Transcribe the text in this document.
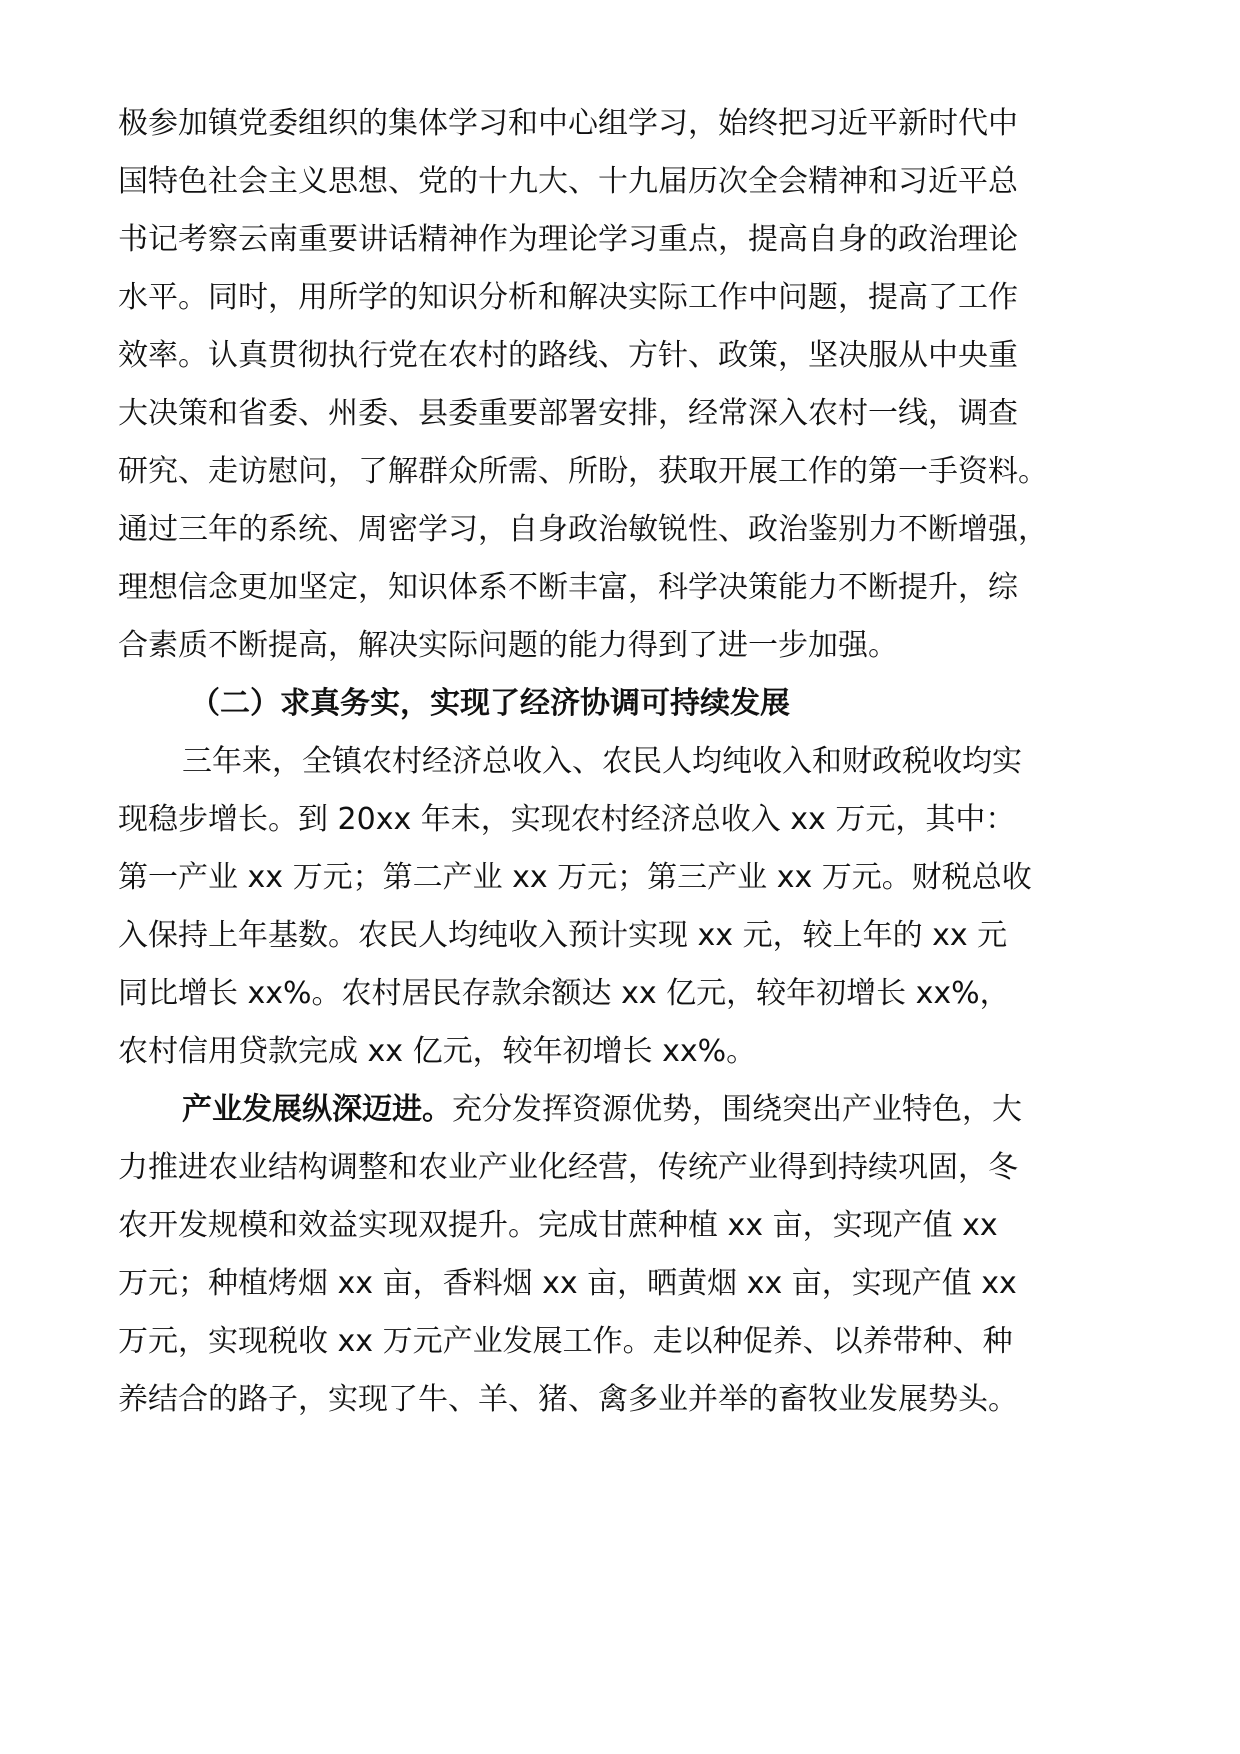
极参加镇党委组织的集体学习和中心组学习，始终把习近平新时代中
国特色社会主义思想、党的十九大、十九届历次全会精神和习近平总
书记考察云南重要讲话精神作为理论学习重点，提高自身的政治理论
水平。同时，用所学的知识分析和解决实际工作中问题，提高了工作
效率。认真贯彻执行党在农村的路线、方针、政策，坚决服从中央重
大决策和省委、州委、县委重要部署安排，经常深入农村一线，调查
研究、走访慰问，了解群众所需、所盼，获取开展工作的第一手资料。
通过三年的系统、周密学习，自身政治敏锐性、政治鉴别力不断增强，
理想信念更加坚定，知识体系不断丰富，科学决策能力不断提升，综
合素质不断提高，解决实际问题的能力得到了进一步加强。
（二）求真务实，实现了经济协调可持续发展
三年来，全镇农村经济总收入、农民人均纯收入和财政税收均实
现稳步增长。到 20xx 年末，实现农村经济总收入 xx 万元，其中：
第一产业 xx 万元；第二产业 xx 万元；第三产业 xx 万元。财税总收
入保持上年基数。农民人均纯收入预计实现 xx 元，较上年的 xx 元
同比增长 xx%。农村居民存款余额达 xx 亿元，较年初增长 xx%，
农村信用贷款完成 xx 亿元，较年初增长 xx%。
产业发展纵深迈进。充分发挥资源优势，围绕突出产业特色，大
力推进农业结构调整和农业产业化经营，传统产业得到持续巩固，冬
农开发规模和效益实现双提升。完成甘蔗种植 xx 亩，实现产值 xx
万元；种植烤烟 xx 亩，香料烟 xx 亩，晒黄烟 xx 亩，实现产值 xx
万元，实现税收 xx 万元产业发展工作。走以种促养、以养带种、种
养结合的路子，实现了牛、羊、猪、禽多业并举的畜牧业发展势头。
